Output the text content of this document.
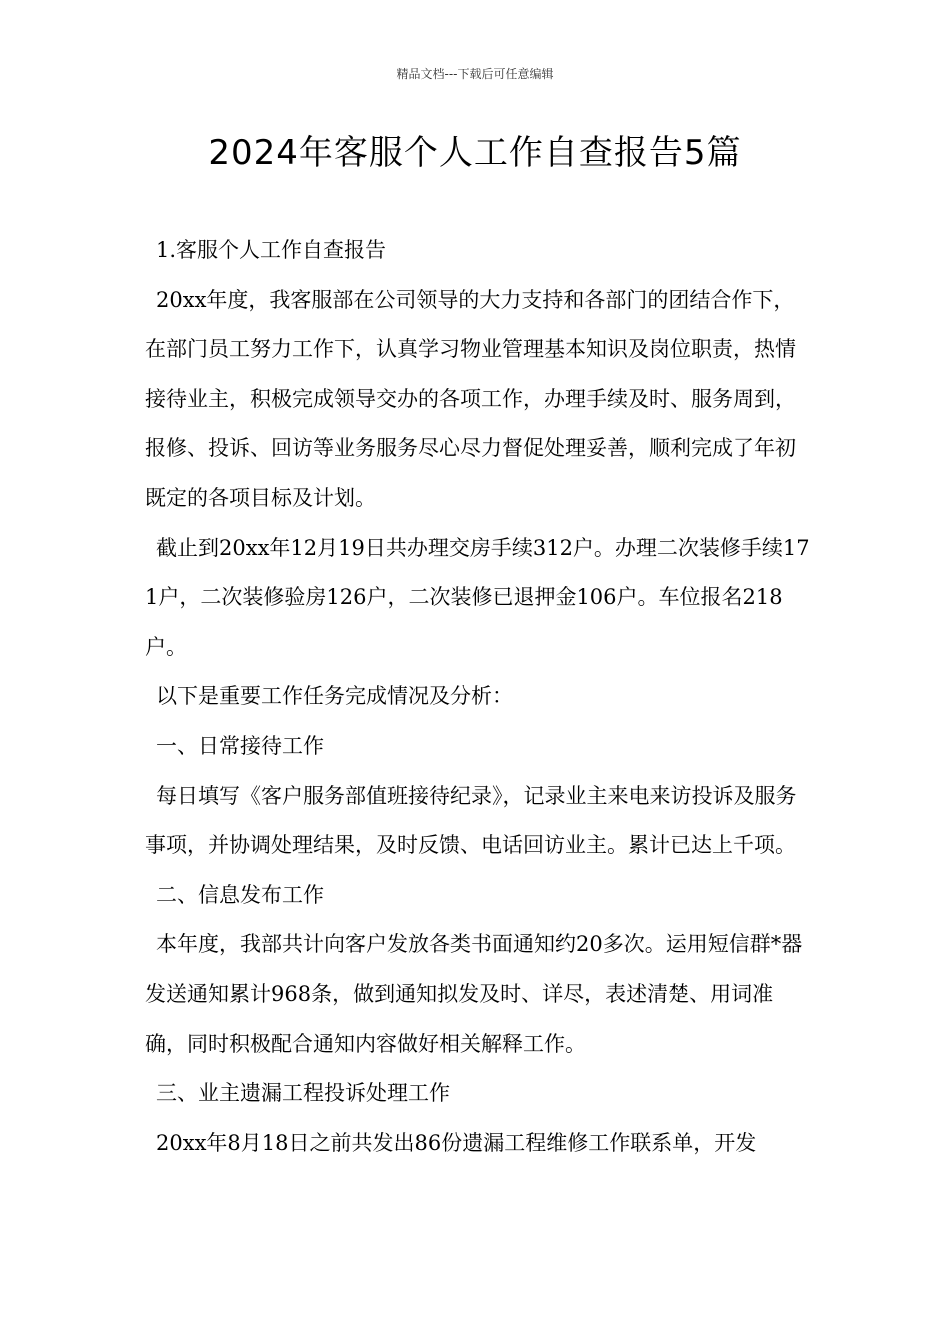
精品文档---下载后可任意编辑
2024年客服个人工作自查报告5篇

1.客服个人工作自查报告

20xx年度，我客服部在公司领导的大力支持和各部门的团结合作下，在部门员工努力工作下，认真学习物业管理基本知识及岗位职责，热情接待业主，积极完成领导交办的各项工作，办理手续及时、服务周到，报修、投诉、回访等业务服务尽心尽力督促处理妥善，顺利完成了年初既定的各项目标及计划。

截止到20xx年12月19日共办理交房手续312户。办理二次装修手续171户，二次装修验房126户，二次装修已退押金106户。车位报名218户。

以下是重要工作任务完成情况及分析：

一、日常接待工作

每日填写《客户服务部值班接待纪录》，记录业主来电来访投诉及服务事项，并协调处理结果，及时反馈、电话回访业主。累计已达上千项。

二、信息发布工作

本年度，我部共计向客户发放各类书面通知约20多次。运用短信群*器发送通知累计968条，做到通知拟发及时、详尽，表述清楚、用词准确，同时积极配合通知内容做好相关解释工作。

三、业主遗漏工程投诉处理工作

20xx年8月18日之前共发出86份遗漏工程维修工作联系单，开发
